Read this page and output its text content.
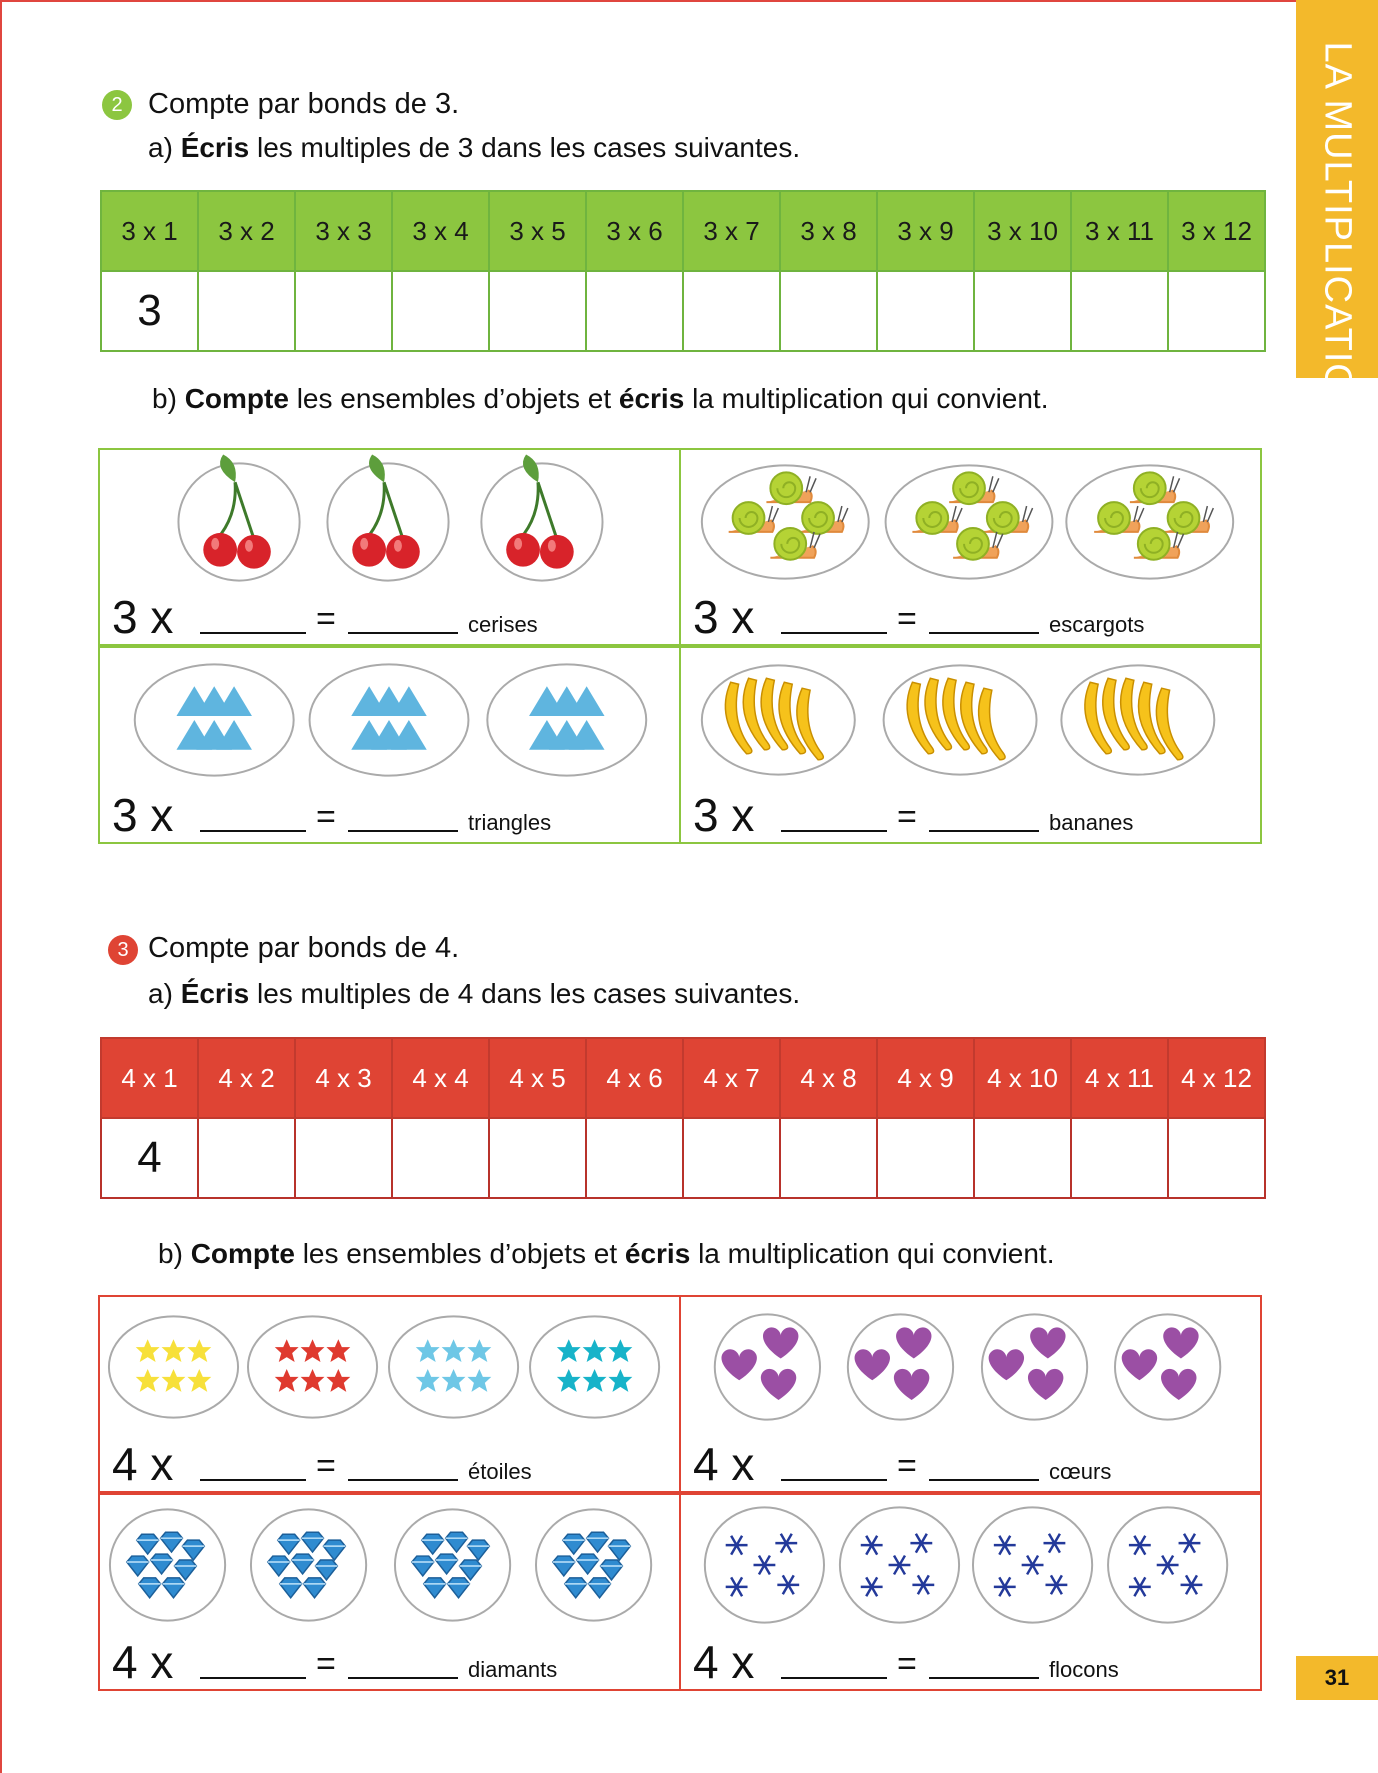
LA MULTIPLICATION
31
2 Compte par bonds de 3.
a) Écris les multiples de 3 dans les cases suivantes.
3 x 1	3 x 2	3 x 3	3 x 4	3 x 5	3 x 6	3 x 7	3 x 8	3 x 9	3 x 10	3 x 11	3 x 12
3											
b) Compte les ensembles d’objets et écris la multiplication qui convient.
3 x	=	cerises	3 x	=	escargots
3 x	=	triangles	3 x	=	bananes
3 Compte par bonds de 4.
a) Écris les multiples de 4 dans les cases suivantes.
4 x 1	4 x 2	4 x 3	4 x 4	4 x 5	4 x 6	4 x 7	4 x 8	4 x 9	4 x 10	4 x 11	4 x 12
4											
b) Compte les ensembles d’objets et écris la multiplication qui convient.
4 x	=	étoiles	4 x	=	cœurs
4 x	=	diamants	4 x	=	flocons
